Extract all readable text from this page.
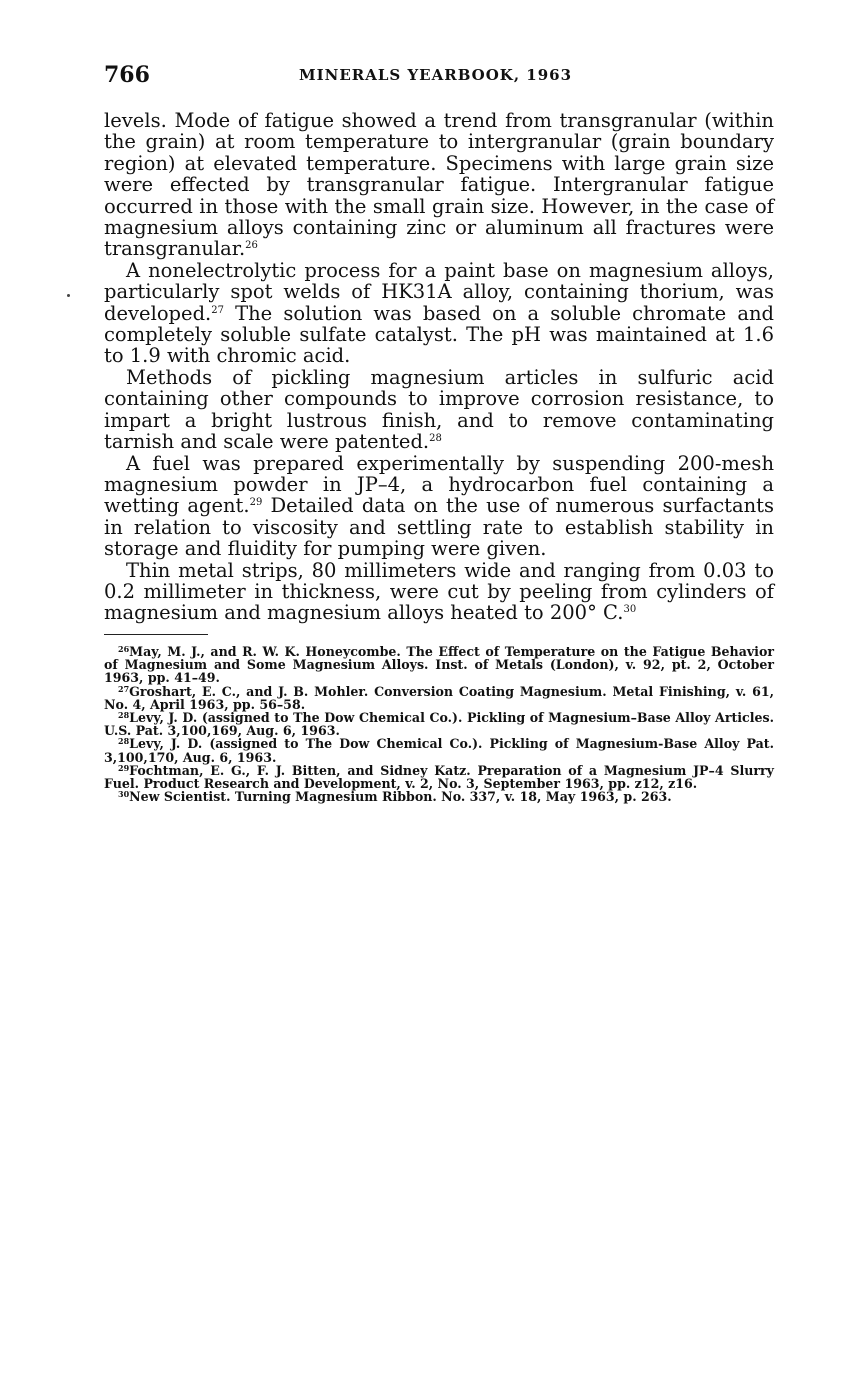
766	MINERALS YEARBOOK, 1963

levels. Mode of fatigue showed a trend from transgranular (within the grain) at room temperature to intergranular (grain boundary region) at elevated temperature. Specimens with large grain size were effected by transgranular fatigue. Intergranular fatigue occurred in those with the small grain size. However, in the case of magnesium alloys containing zinc or aluminum all fractures were transgranular.$^{26}$

A nonelectrolytic process for a paint base on magnesium alloys, particularly spot welds of HK31A alloy, containing thorium, was developed.$^{27}$ The solution was based on a soluble chromate and completely soluble sulfate catalyst. The pH was maintained at 1.6 to 1.9 with chromic acid.

Methods of pickling magnesium articles in sulfuric acid containing other compounds to improve corrosion resistance, to impart a bright lustrous finish, and to remove contaminating tarnish and scale were patented.$^{28}$

A fuel was prepared experimentally by suspending 200-mesh magnesium powder in JP–4, a hydrocarbon fuel containing a wetting agent.$^{29}$ Detailed data on the use of numerous surfactants in relation to viscosity and settling rate to establish stability in storage and fluidity for pumping were given.

Thin metal strips, 80 millimeters wide and ranging from 0.03 to 0.2 millimeter in thickness, were cut by peeling from cylinders of magnesium and magnesium alloys heated to 200° C.$^{30}$

$^{26}$May, M. J., and R. W. K. Honeycombe. The Effect of Temperature on the Fatigue Behavior of Magnesium and Some Magnesium Alloys. Inst. of Metals (London), v. 92, pt. 2, October 1963, pp. 41–49.

$^{27}$Groshart, E. C., and J. B. Mohler. Conversion Coating Magnesium. Metal Finishing, v. 61, No. 4, April 1963, pp. 56–58.

$^{28}$Levy, J. D. (assigned to The Dow Chemical Co.). Pickling of Magnesium–Base Alloy Articles. U.S. Pat. 3,100,169, Aug. 6, 1963.

$^{28}$Levy, J. D. (assigned to The Dow Chemical Co.). Pickling of Magnesium-Base Alloy Pat. 3,100,170, Aug. 6, 1963.

$^{29}$Fochtman, E. G., F. J. Bitten, and Sidney Katz. Preparation of a Magnesium JP–4 Slurry Fuel. Product Research and Development, v. 2, No. 3, September 1963, pp. z12, z16.

$^{30}$New Scientist. Turning Magnesium Ribbon. No. 337, v. 18, May 1963, p. 263.
